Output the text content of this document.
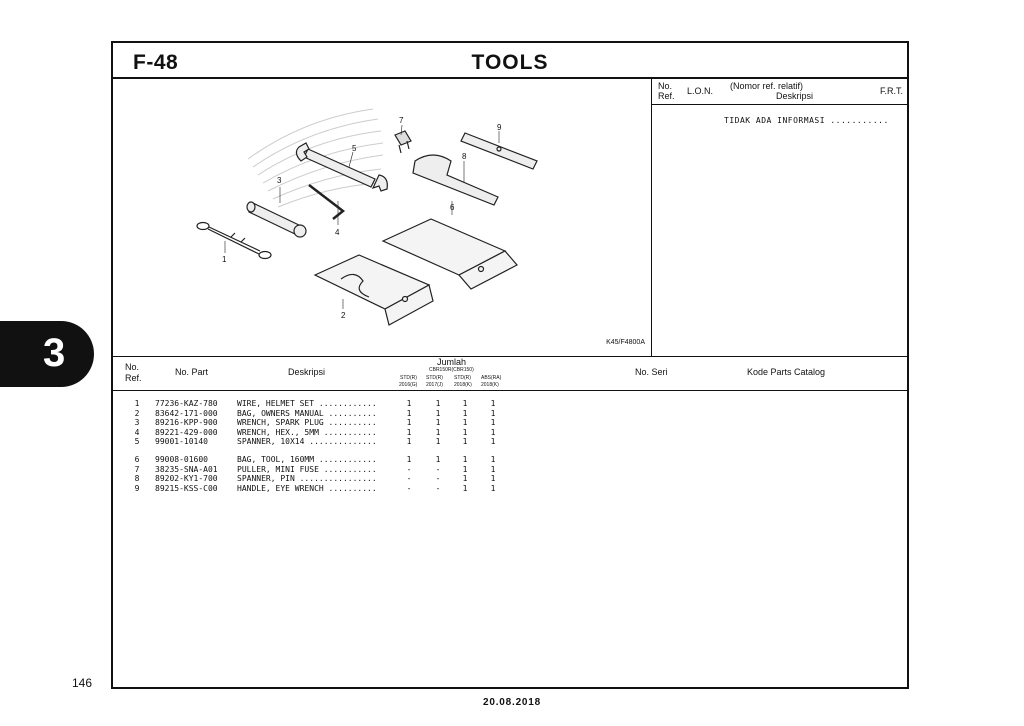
3
F-48	TOOLS
1
2
3
4
5
6
7
8
9
K45/F4800A
No.
Ref. L.O.N. (Nomor ref. relatif)
Deskripsi	F.R.T.
TIDAK ADA INFORMASI ...........
No.
Ref.
No. Part	Deskripsi
Jumlah
CBR150R(CBR150)
STD(R) STD(R) STD(R) ABS(RA)
2016(G) 2017(J) 2018(K) 2018(K)
No. Seri	Kode Parts Catalog
1	77236-KAZ-780 WIRE, HELMET SET ............	1	1	1	1
2	83642-171-000 BAG, OWNERS MANUAL ..........	1	1	1	1
3	89216-KPP-900 WRENCH, SPARK PLUG ..........	1	1	1	1
4	89221-429-000 WRENCH, HEX., 5MM ...........	1	1	1	1
5	99001-10140	SPANNER, 10X14 ..............	1	1	1	1
6	99008-01600	BAG, TOOL, 160MM ............	1	1	1	1
7	38235-SNA-A01 PULLER, MINI FUSE ...........	-	-	1	1
8	89202-KY1-700 SPANNER, PIN ................	-	-	1	1
9	89215-KSS-C00 HANDLE, EYE WRENCH ..........	-	-	1	1
146
20.08.2018
